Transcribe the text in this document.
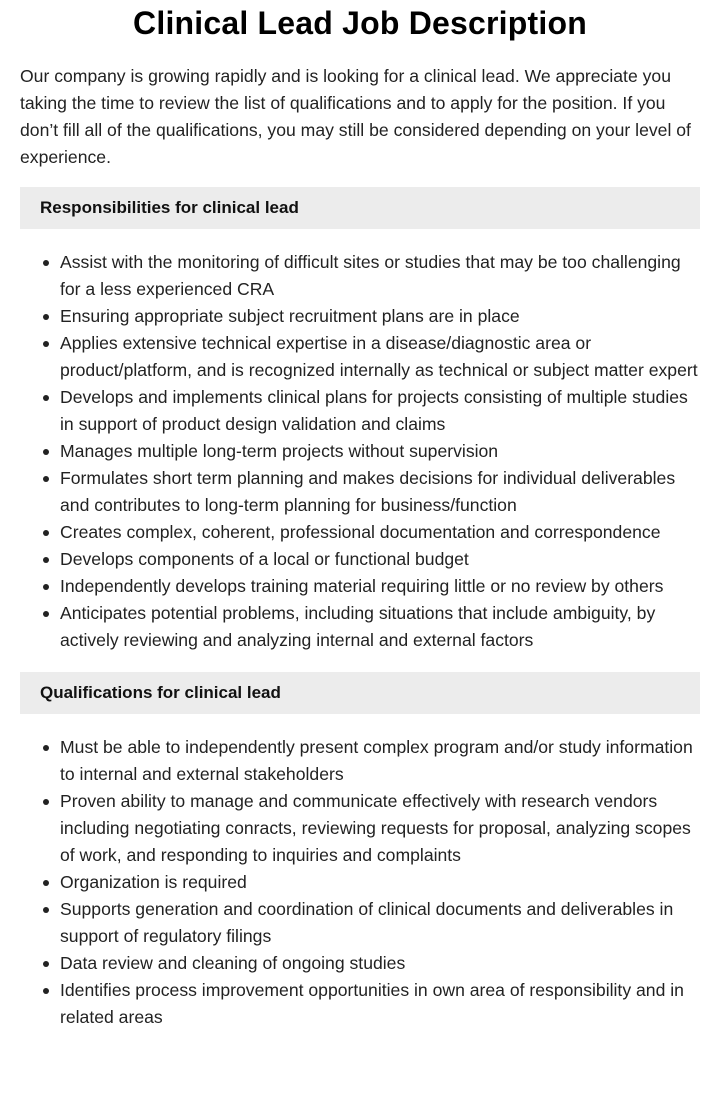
Clinical Lead Job Description

Our company is growing rapidly and is looking for a clinical lead. We appreciate you taking the time to review the list of qualifications and to apply for the position. If you don’t fill all of the qualifications, you may still be considered depending on your level of experience.

Responsibilities for clinical lead
Assist with the monitoring of difficult sites or studies that may be too challenging for a less experienced CRA
Ensuring appropriate subject recruitment plans are in place
Applies extensive technical expertise in a disease/diagnostic area or product/platform, and is recognized internally as technical or subject matter expert
Develops and implements clinical plans for projects consisting of multiple studies in support of product design validation and claims
Manages multiple long-term projects without supervision
Formulates short term planning and makes decisions for individual deliverables and contributes to long-term planning for business/function
Creates complex, coherent, professional documentation and correspondence
Develops components of a local or functional budget
Independently develops training material requiring little or no review by others
Anticipates potential problems, including situations that include ambiguity, by actively reviewing and analyzing internal and external factors
Qualifications for clinical lead
Must be able to independently present complex program and/or study information to internal and external stakeholders
Proven ability to manage and communicate effectively with research vendors including negotiating conracts, reviewing requests for proposal, analyzing scopes of work, and responding to inquiries and complaints
Organization is required
Supports generation and coordination of clinical documents and deliverables in support of regulatory filings
Data review and cleaning of ongoing studies
Identifies process improvement opportunities in own area of responsibility and in related areas
